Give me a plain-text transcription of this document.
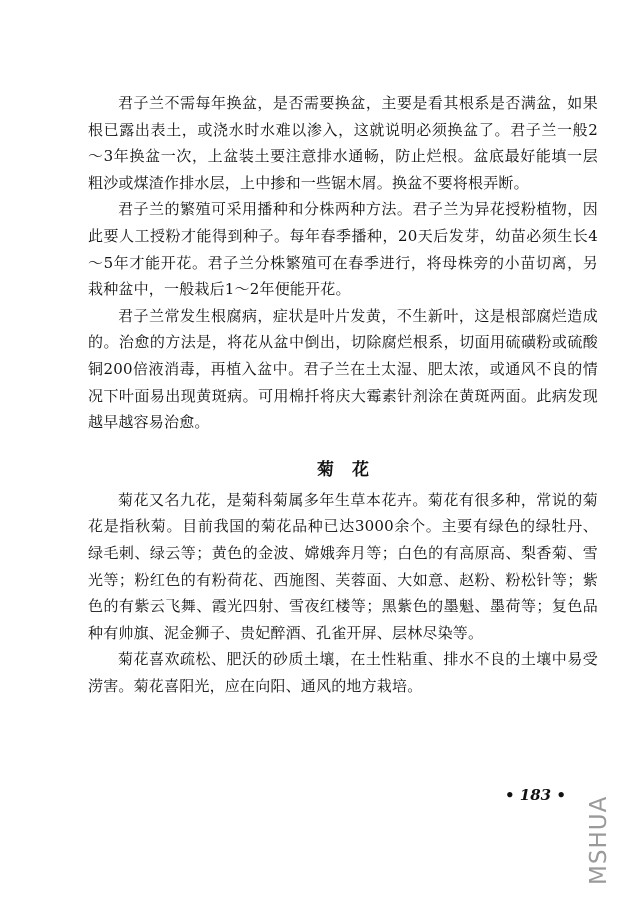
君子兰不需每年换盆，是否需要换盆，主要是看其根系是否满盆，如果根已露出表土，或浇水时水难以渗入，这就说明必须换盆了。君子兰一般2～3年换盆一次，上盆装土要注意排水通畅，防止烂根。盆底最好能填一层粗沙或煤渣作排水层，上中掺和一些锯木屑。换盆不要将根弄断。

君子兰的繁殖可采用播种和分株两种方法。君子兰为异花授粉植物，因此要人工授粉才能得到种子。每年春季播种，20天后发芽，幼苗必须生长4～5年才能开花。君子兰分株繁殖可在春季进行，将母株旁的小苗切离，另栽种盆中，一般栽后1～2年便能开花。

君子兰常发生根腐病，症状是叶片发黄，不生新叶，这是根部腐烂造成的。治愈的方法是，将花从盆中倒出，切除腐烂根系，切面用硫磺粉或硫酸铜200倍液消毒，再植入盆中。君子兰在土太湿、肥太浓，或通风不良的情况下叶面易出现黄斑病。可用棉扦将庆大霉素针剂涂在黄斑两面。此病发现越早越容易治愈。

菊花

菊花又名九花，是菊科菊属多年生草本花卉。菊花有很多种，常说的菊花是指秋菊。目前我国的菊花品种已达3000余个。主要有绿色的绿牡丹、绿毛刺、绿云等；黄色的金波、嫦娥奔月等；白色的有高原高、梨香菊、雪光等；粉红色的有粉荷花、西施图、芙蓉面、大如意、赵粉、粉松针等；紫色的有紫云飞舞、霞光四射、雪夜红楼等；黑紫色的墨魁、墨荷等；复色品种有帅旗、泥金狮子、贵妃醉酒、孔雀开屏、层林尽染等。

菊花喜欢疏松、肥沃的砂质土壤，在土性粘重、排水不良的土壤中易受涝害。菊花喜阳光，应在向阳、通风的地方栽培。

• 183 •
MSHUA
